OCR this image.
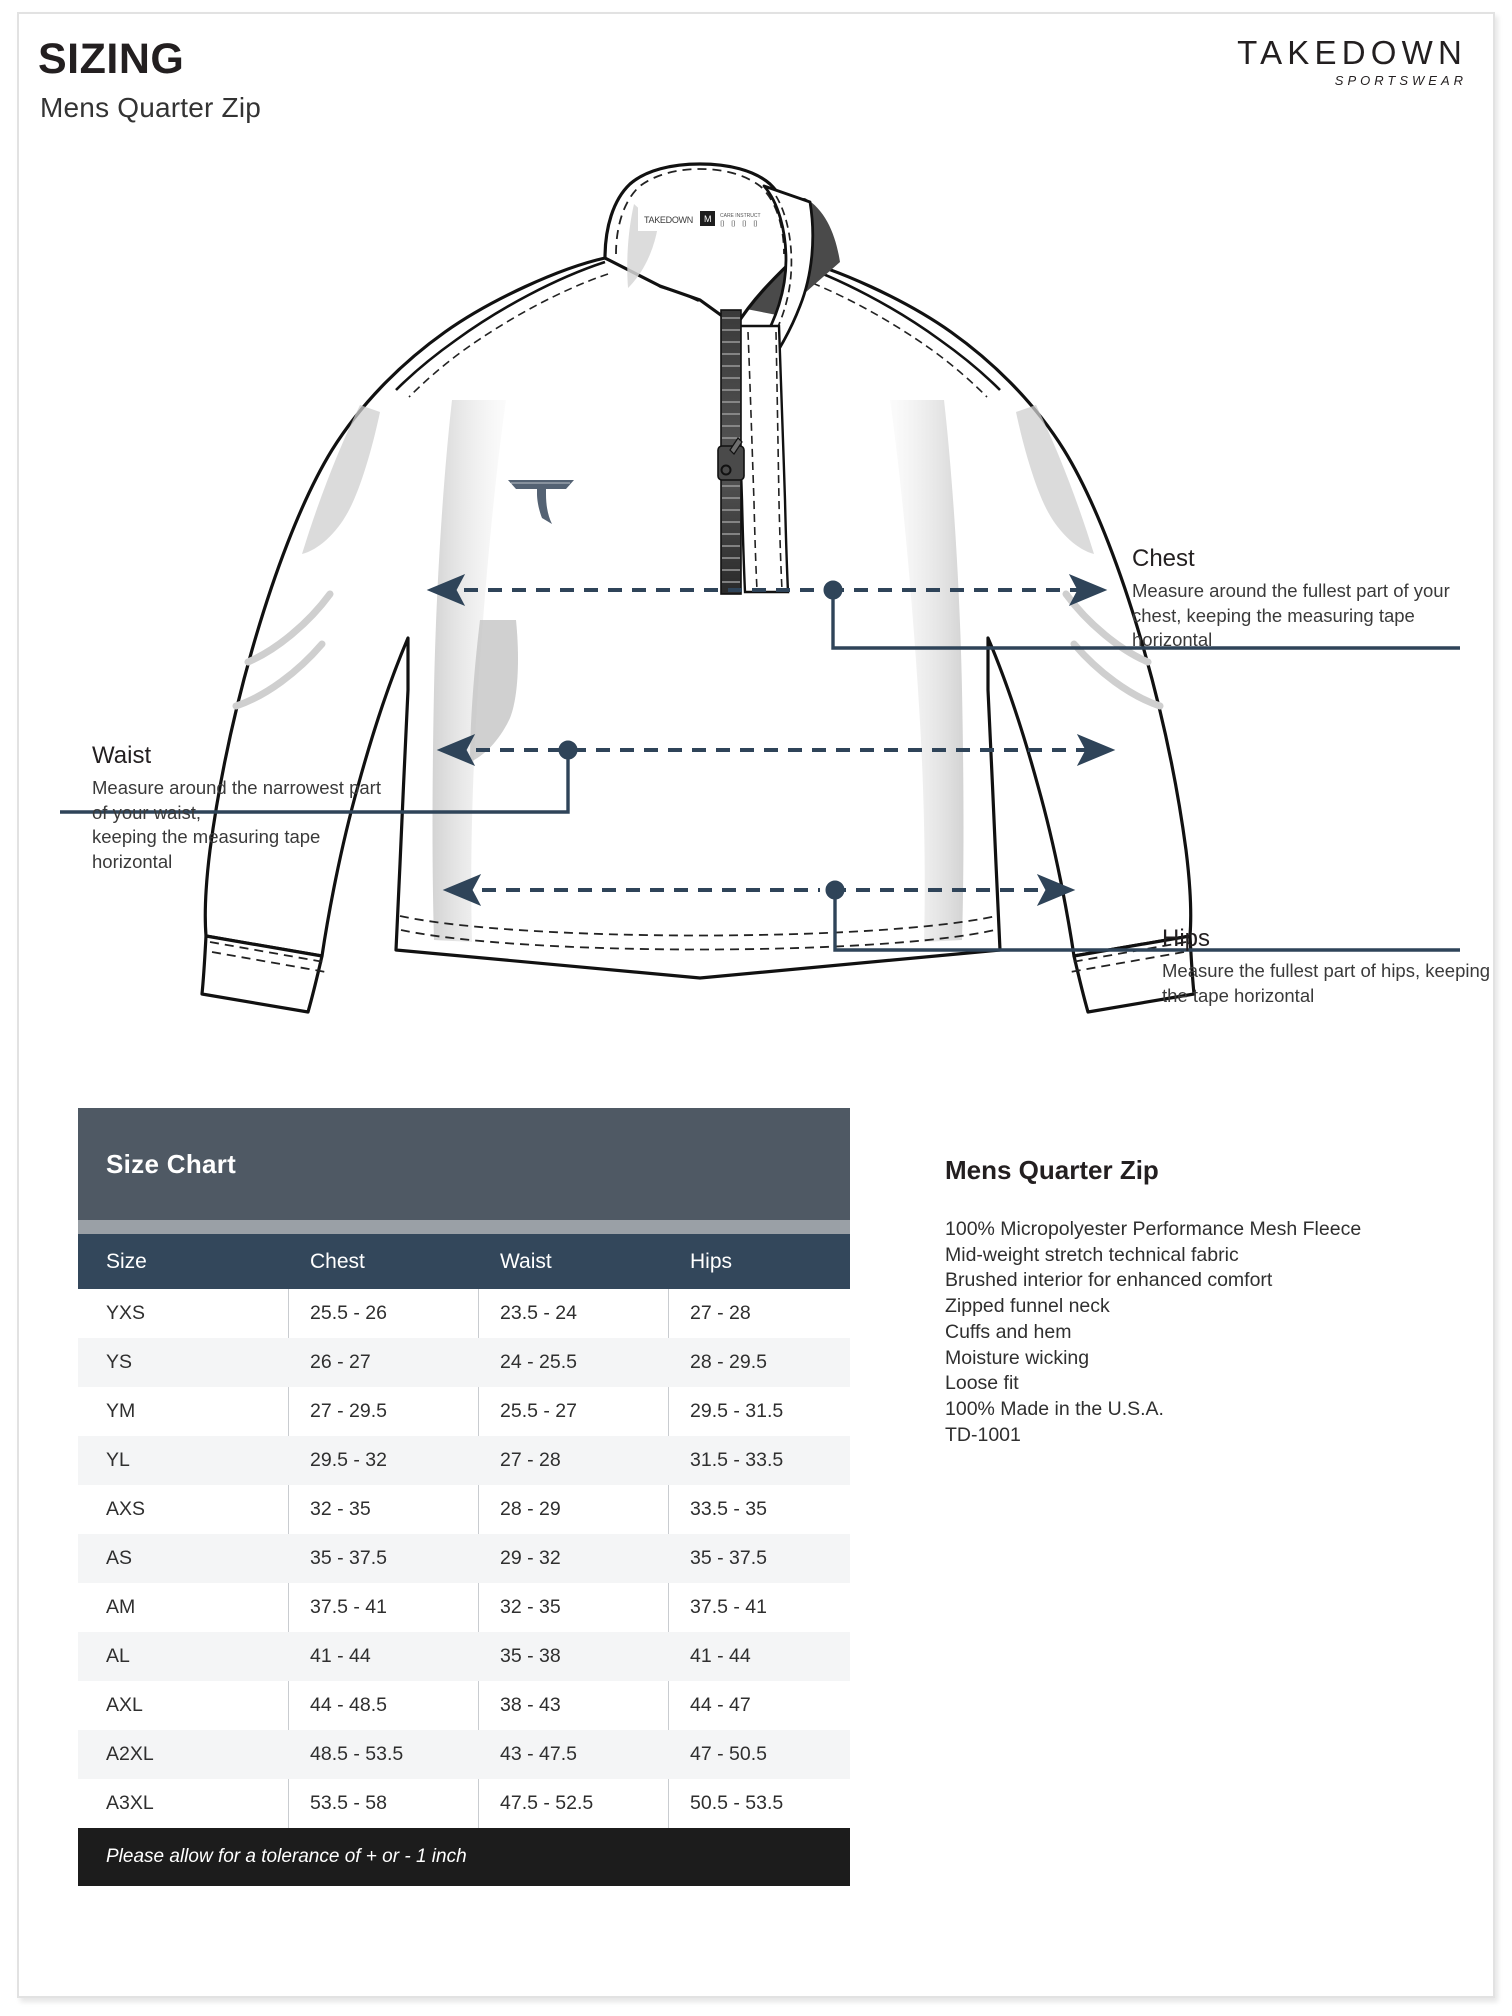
SIZING
Mens Quarter Zip
TAKEDOWN
SPORTSWEAR
TAKEDOWN M CARE INSTRUCT
⌷ ⌷ ⌷ ⌷
Chest
Measure around the fullest part of your chest, keeping the measuring tape horizontal
Waist
Measure around the narrowest part
of your waist,
keeping the measuring tape horizontal
Hips
Measure the fullest part of hips, keeping the tape horizontal
Size Chart
Size	Chest	Waist	Hips
YXS	25.5 - 26	23.5 - 24	27 - 28
YS	26 - 27	24 - 25.5	28 - 29.5
YM	27 - 29.5	25.5 - 27	29.5 - 31.5
YL	29.5 - 32	27 - 28	31.5 - 33.5
AXS	32 - 35	28 - 29	33.5 - 35
AS	35 - 37.5	29 - 32	35 - 37.5
AM	37.5 - 41	32 - 35	37.5 - 41
AL	41 - 44	35 - 38	41 - 44
AXL	44 - 48.5	38 - 43	44 - 47
A2XL	48.5 - 53.5	43 - 47.5	47 - 50.5
A3XL	53.5 - 58	47.5 - 52.5	50.5 - 53.5
Please allow for a tolerance of + or - 1 inch
Mens Quarter Zip
100% Micropolyester Performance Mesh Fleece
Mid-weight stretch technical fabric
Brushed interior for enhanced comfort
Zipped funnel neck
Cuffs and hem
Moisture wicking
Loose fit
100% Made in the U.S.A.
TD-1001
